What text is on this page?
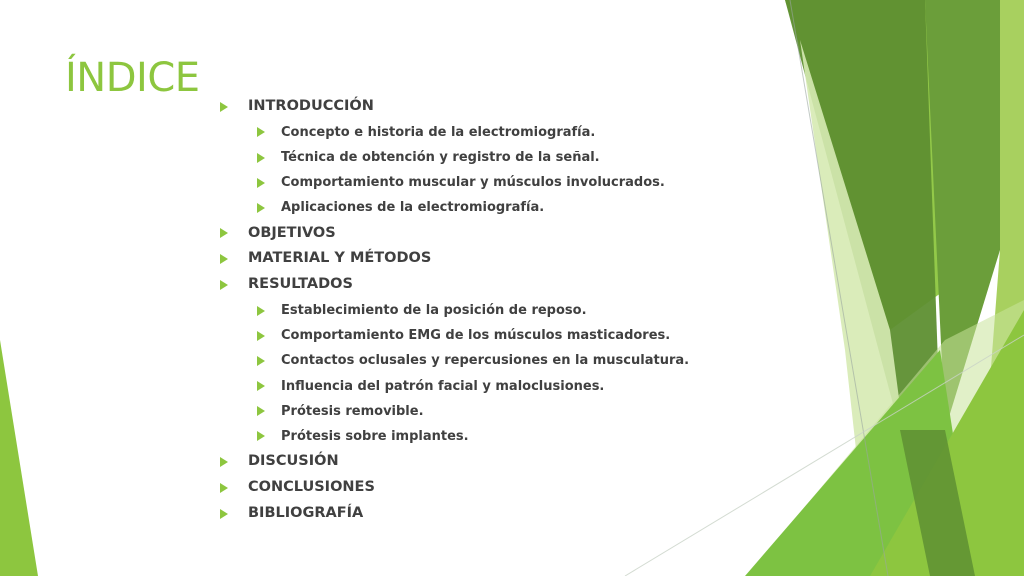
ÍNDICE
INTRODUCCIÓN
Concepto e historia de la electromiografía.
Técnica de obtención y registro de la señal.
Comportamiento muscular y músculos involucrados.
Aplicaciones de la electromiografía.
OBJETIVOS
MATERIAL Y MÉTODOS
RESULTADOS
Establecimiento de la posición de reposo.
Comportamiento EMG de los músculos masticadores.
Contactos oclusales y repercusiones en la musculatura.
Influencia del patrón facial y maloclusiones.
Prótesis removible.
Prótesis sobre implantes.
DISCUSIÓN
CONCLUSIONES
BIBLIOGRAFÍA
